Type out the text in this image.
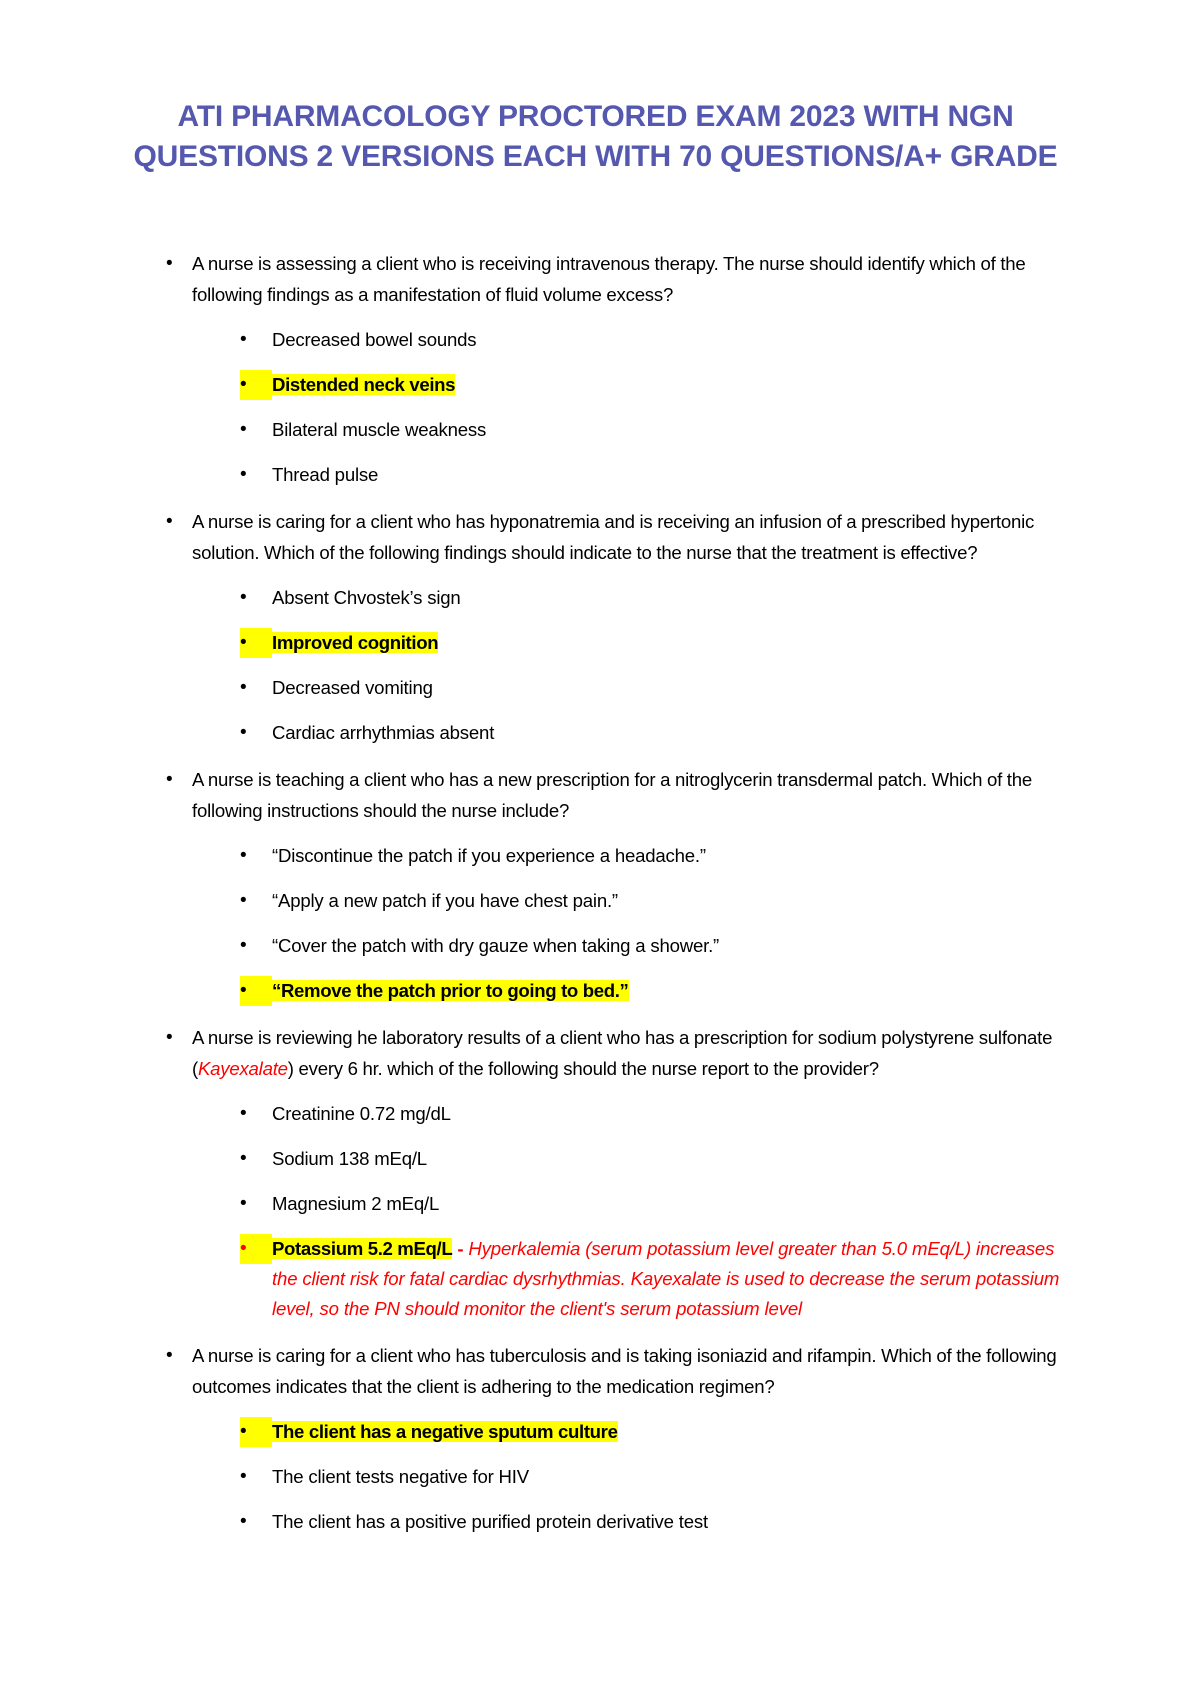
ATI PHARMACOLOGY PROCTORED EXAM 2023 WITH NGN QUESTIONS 2 VERSIONS EACH WITH 70 QUESTIONS/A+ GRADE
•	A nurse is assessing a client who is receiving intravenous therapy. The nurse should identify which of the following findings as a manifestation of fluid volume excess?
•	Decreased bowel sounds
•	Distended neck veins
•	Bilateral muscle weakness
•	Thread pulse
•	A nurse is caring for a client who has hyponatremia and is receiving an infusion of a prescribed hypertonic solution. Which of the following findings should indicate to the nurse that the treatment is effective?
•	Absent Chvostek’s sign
•	Improved cognition
•	Decreased vomiting
•	Cardiac arrhythmias absent
•	A nurse is teaching a client who has a new prescription for a nitroglycerin transdermal patch. Which of the following instructions should the nurse include?
•	“Discontinue the patch if you experience a headache.”
•	“Apply a new patch if you have chest pain.”
•	“Cover the patch with dry gauze when taking a shower.”
•	“Remove the patch prior to going to bed.”
•	A nurse is reviewing he laboratory results of a client who has a prescription for sodium polystyrene sulfonate (Kayexalate) every 6 hr. which of the following should the nurse report to the provider?
•	Creatinine 0.72 mg/dL
•	Sodium 138 mEq/L
•	Magnesium 2 mEq/L
•	Potassium 5.2 mEq/L - Hyperkalemia (serum potassium level greater than 5.0 mEq/L) increases the client risk for fatal cardiac dysrhythmias. Kayexalate is used to decrease the serum potassium level, so the PN should monitor the client's serum potassium level
•	A nurse is caring for a client who has tuberculosis and is taking isoniazid and rifampin. Which of the following outcomes indicates that the client is adhering to the medication regimen?
•	The client has a negative sputum culture
•	The client tests negative for HIV
•	The client has a positive purified protein derivative test
